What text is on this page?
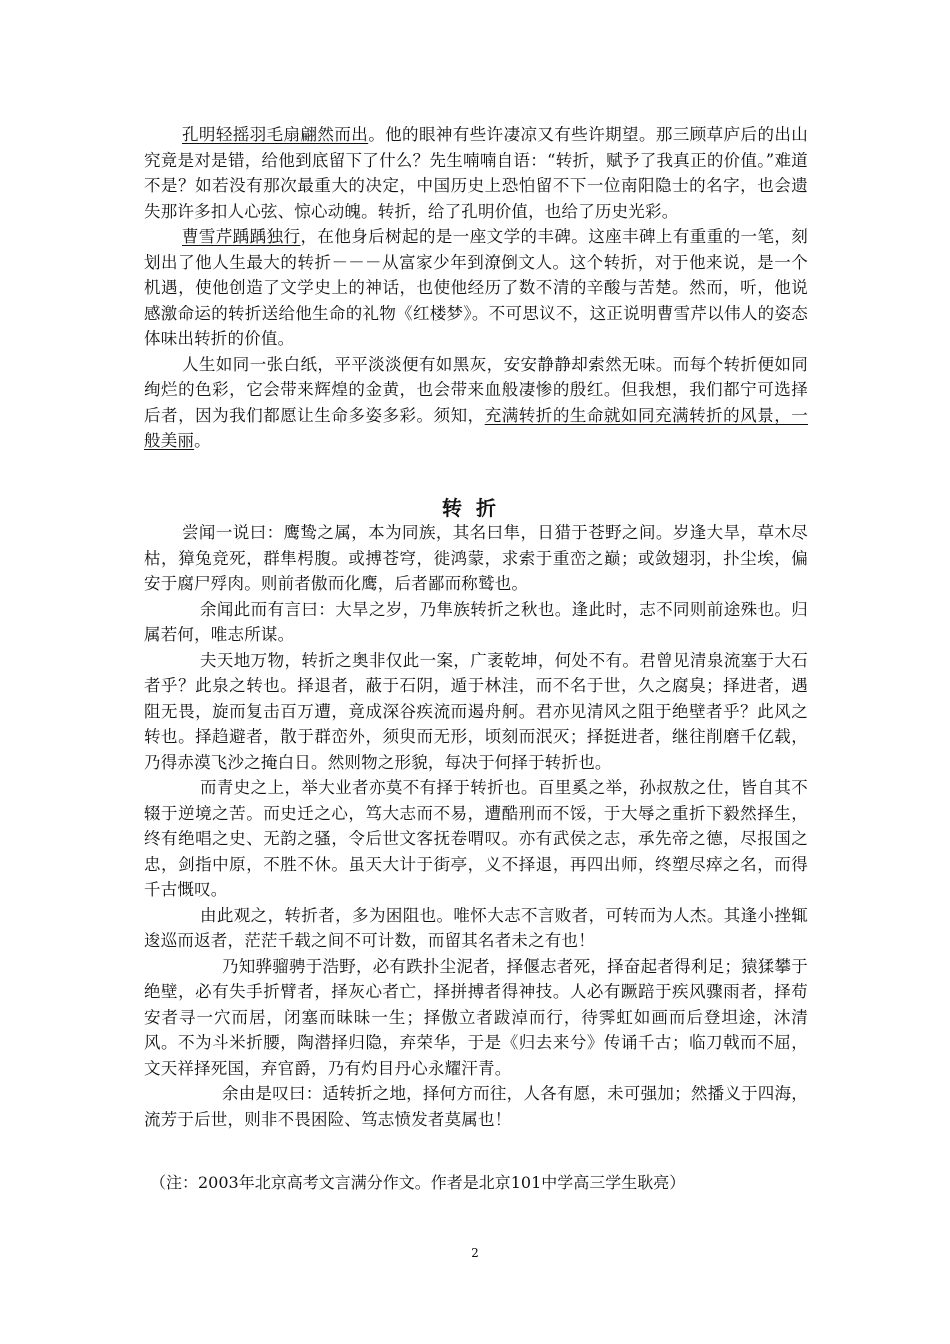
孔明轻摇羽毛扇翩然而出。他的眼神有些许凄凉又有些许期望。那三顾草庐后的出山究竟是对是错，给他到底留下了什么？先生喃喃自语：“转折，赋予了我真正的价值。”难道不是？如若没有那次最重大的决定，中国历史上恐怕留不下一位南阳隐士的名字，也会遗失那许多扣人心弦、惊心动魄。转折，给了孔明价值，也给了历史光彩。

曹雪芹踽踽独行，在他身后树起的是一座文学的丰碑。这座丰碑上有重重的一笔，刻划出了他人生最大的转折－－－从富家少年到潦倒文人。这个转折，对于他来说，是一个机遇，使他创造了文学史上的神话，也使他经历了数不清的辛酸与苦楚。然而，听，他说感激命运的转折送给他生命的礼物《红楼梦》。不可思议不，这正说明曹雪芹以伟人的姿态体味出转折的价值。

人生如同一张白纸，平平淡淡便有如黑灰，安安静静却索然无味。而每个转折便如同绚烂的色彩，它会带来辉煌的金黄，也会带来血般凄惨的殷红。但我想，我们都宁可选择后者，因为我们都愿让生命多姿多彩。须知，充满转折的生命就如同充满转折的风景，一般美丽。

转折

尝闻一说曰：鹰鸷之属，本为同族，其名曰隼，日猎于苍野之间。岁逢大旱，草木尽枯，獐兔竞死，群隼枵腹。或搏苍穹，徙鸿蒙，求索于重峦之巅；或敛翅羽，扑尘埃，偏安于腐尸殍肉。则前者傲而化鹰，后者鄙而称鹫也。

余闻此而有言曰：大旱之岁，乃隼族转折之秋也。逢此时，志不同则前途殊也。归属若何，唯志所谋。

夫天地万物，转折之奥非仅此一案，广袤乾坤，何处不有。君曾见清泉流塞于大石者乎？此泉之转也。择退者，蔽于石阴，遁于林洼，而不名于世，久之腐臭；择进者，遇阻无畏，旋而复击百万遭，竟成深谷疾流而遏舟舸。君亦见清风之阻于绝壁者乎？此风之转也。择趋避者，散于群峦外，须臾而无形，顷刻而泯灭；择挺进者，继往削磨千亿载，乃得赤漠飞沙之掩白日。然则物之形貌，每决于何择于转折也。

而青史之上，举大业者亦莫不有择于转折也。百里奚之举，孙叔敖之仕，皆自其不辍于逆境之苦。而史迁之心，笃大志而不易，遭酷刑而不馁，于大辱之重折下毅然择生，终有绝唱之史、无韵之骚，令后世文客抚卷喟叹。亦有武侯之志，承先帝之德，尽报国之忠，剑指中原，不胜不休。虽天大计于街亭，义不择退，再四出师，终塑尽瘁之名，而得千古慨叹。

由此观之，转折者，多为困阻也。唯怀大志不言败者，可转而为人杰。其逢小挫辄逡巡而返者，茫茫千载之间不可计数，而留其名者未之有也！

乃知骅骝骋于浩野，必有跌扑尘泥者，择偃志者死，择奋起者得利足；猿猱攀于绝壁，必有失手折臂者，择灰心者亡，择拼搏者得神技。人必有蹶踣于疾风骤雨者，择苟安者寻一穴而居，闭塞而昧昧一生；择傲立者跋淖而行，待霁虹如画而后登坦途，沐清风。不为斗米折腰，陶潜择归隐，弃荣华，于是《归去来兮》传诵千古；临刀戟而不屈，文天祥择死国，弃官爵，乃有灼目丹心永耀汗青。

余由是叹曰：适转折之地，择何方而往，人各有愿，未可强加；然播义于四海，流芳于后世，则非不畏困险、笃志愤发者莫属也！

（注：2003年北京高考文言满分作文。作者是北京101中学高三学生耿亮）
2
